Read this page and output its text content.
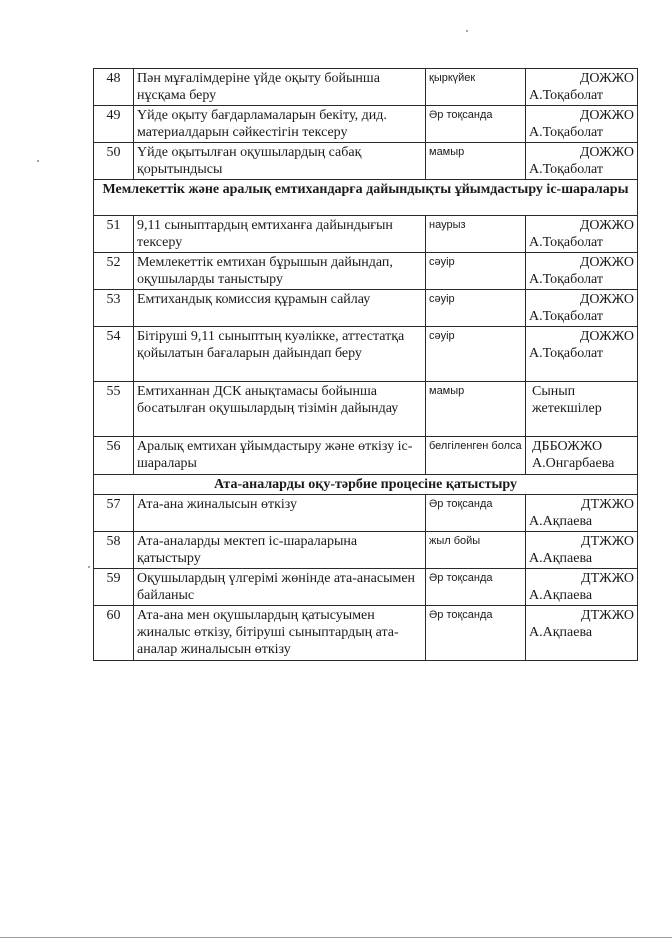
48	Пән мұғалімдеріне үйде оқыту бойынша нұсқама беру	қыркүйек	ДОЖЖО
А.Тоқаболат

49	Үйде оқыту бағдарламаларын бекіту, дид. материалдарын сәйкестігін тексеру	Әр тоқсанда	ДОЖЖО
А.Тоқаболат

50	Үйде оқытылған оқушылардың сабақ қорытындысы	мамыр	ДОЖЖО
А.Тоқаболат

Мемлекеттік және аралық емтихандарға дайындықты ұйымдастыру іс-шаралары			
51	9,11 сыныптардың емтиханға дайындығын тексеру	наурыз	ДОЖЖО
А.Тоқаболат

52	Мемлекеттік емтихан бұрышын дайындап, оқушыларды таныстыру	сәуір	ДОЖЖО
А.Тоқаболат

53	Емтихандық комиссия құрамын сайлау	сәуір	ДОЖЖО
А.Тоқаболат

54	Бітіруші 9,11 сыныптың куәлікке, аттестатқа қойылатын бағаларын дайындап беру	сәуір	ДОЖЖО
А.Тоқаболат

55	Емтиханнан ДСК анықтамасы бойынша босатылған оқушылардың тізімін дайындау	мамыр	Сынып
жетекшілер

56	Аралық емтихан ұйымдастыру және өткізу іс-шаралары	белгіленген болса	ДББОЖЖО
А.Онгарбаева

Ата-аналарды оқу-тәрбие процесіне қатыстыру			
57	Ата-ана жиналысын өткізу	Әр тоқсанда	ДТЖЖО
А.Ақпаева

58	Ата-аналарды мектеп іс-шараларына қатыстыру	жыл бойы	ДТЖЖО
А.Ақпаева

59	Оқушылардың үлгерімі жөнінде ата-анасымен байланыс	Әр тоқсанда	ДТЖЖО
А.Ақпаева

60	Ата-ана мен оқушылардың қатысуымен жиналыс өткізу, бітіруші сыныптардың ата-аналар жиналысын өткізу	Әр тоқсанда	ДТЖЖО
А.Ақпаева
